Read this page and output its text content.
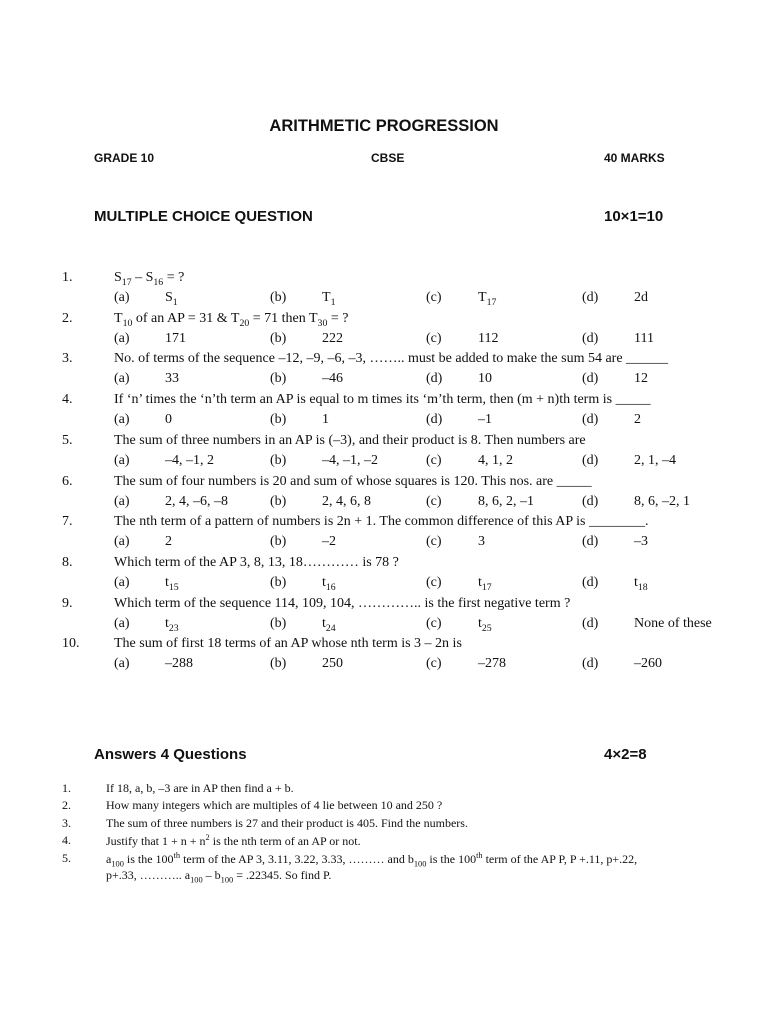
ARITHMETIC PROGRESSION
GRADE 10	CBSE	40 MARKS
MULTIPLE CHOICE QUESTION	10×1=10
1.	$S_{17} - S_{16}$ = ?
(a)	$S_1$	(b)	$T_1$	(c)	$T_{17}$	(d)	2d
2.	$T_{10}$ of an AP = 31 & $T_{20} = 71$ then $T_{30}$ = ?
(a)	171	(b)	222	(c)	112	(d)	111
3.	No. of terms of the sequence –12, –9, –6, –3, …….. must be added to make the sum 54 are ______
(a)	33	(b)	–46	(d)	10	(d)	12
4.	If ‘n’ times the ‘n’th term an AP is equal to m times its ‘m’th term, then (m + n)th term is _____
(a)	0	(b)	1	(d)	–1	(d)	2
5.	The sum of three numbers in an AP is (–3), and their product is 8. Then numbers are
(a)	–4, –1, 2	(b)	–4, –1, –2	(c)	4, 1, 2	(d)	2, 1, –4
6.	The sum of four numbers is 20 and sum of whose squares is 120. This nos. are _____
(a)	2, 4, –6, –8	(b)	2, 4, 6, 8	(c)	8, 6, 2, –1	(d)	8, 6, –2, 1
7.	The nth term of a pattern of numbers is 2n + 1. The common difference of this AP is ________.
(a)	2	(b)	–2	(c)	3	(d)	–3
8.	Which term of the AP 3, 8, 13, 18………… is 78 ?
(a)	$t_{15}$	(b)	$t_{16}$	(c)	$t_{17}$	(d)	$t_{18}$
9.	Which term of the sequence 114, 109, 104, ………….. is the first negative term ?
(a)	$t_{23}$	(b)	$t_{24}$	(c)	$t_{25}$	(d)	None of these
10. The sum of first 18 terms of an AP whose nth term is 3 – 2n is
(a)	–288	(b)	250	(c)	–278	(d)	–260
Answers 4 Questions	4×2=8
1.	If 18, a, b, –3 are in AP then find a + b.
2.	How many integers which are multiples of 4 lie between 10 and 250 ?
3.	The sum of three numbers is 27 and their product is 405. Find the numbers.
4.	Justify that $1 + n + n^2$ is the nth term of an AP or not.
5.	$a_{100}$ is the 100th term of the AP 3, 3.11, 3.22, 3.33, ……… and $b_{100}$ is the 100th term of the AP P, P +.11, p+.22,
p+.33, ……….. $a_{100} - b_{100} = .22345$. So find P.
